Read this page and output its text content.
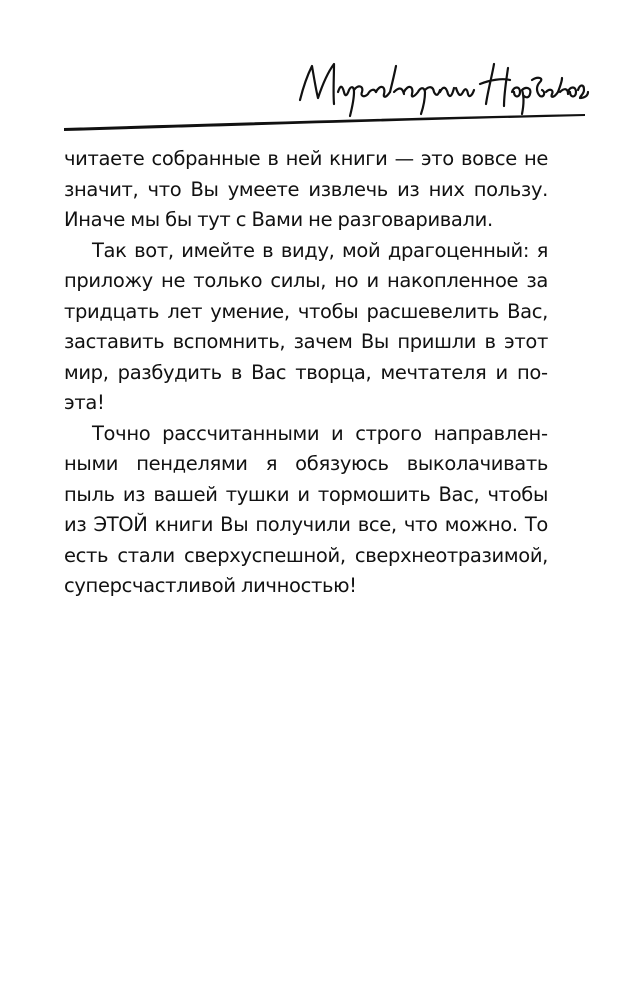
читаете собранные в ней книги — это вовсе не значит, что Вы умеете извлечь из них пользу. Иначе мы бы тут с Вами не разговаривали.

Так вот, имейте в виду, мой драгоценный: я приложу не только силы, но и накопленное за тридцать лет умение, чтобы расшевелить Вас, заставить вспомнить, зачем Вы пришли в этот мир, разбудить в Вас творца, мечтателя и поэта!

Точно рассчитанными и строго направленными пенделями я обязуюсь выколачивать пыль из вашей тушки и тормошить Вас, чтобы из ЭТОЙ книги Вы получили все, что можно. То есть стали сверхуспешной, сверхнеотразимой, суперсчастливой личностью!
